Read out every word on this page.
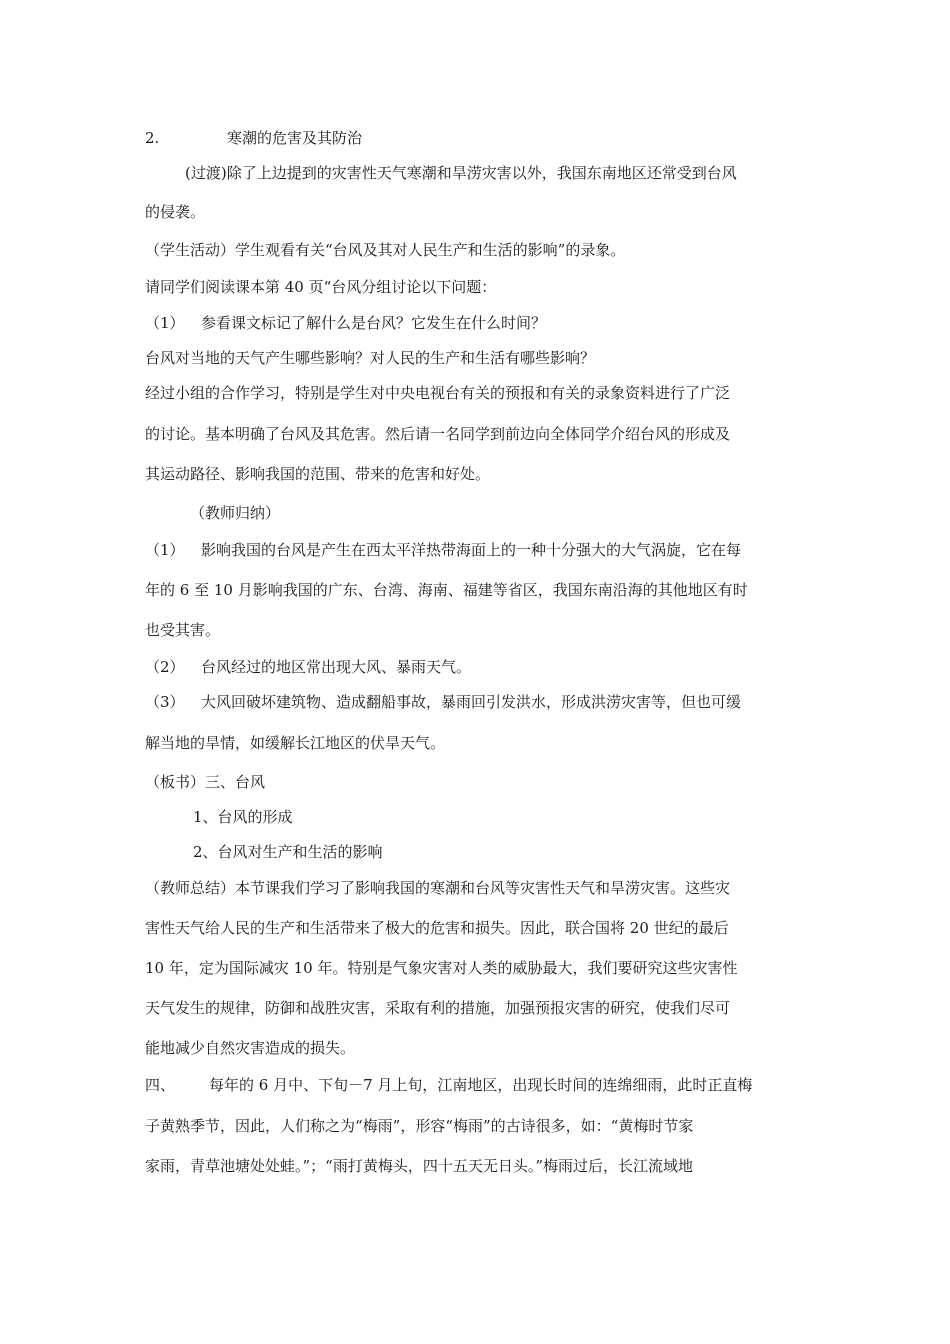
2.	寒潮的危害及其防治
(过渡)除了上边提到的灾害性天气寒潮和旱涝灾害以外，我国东南地区还常受到台风
的侵袭。
（学生活动）学生观看有关“台风及其对人民生产和生活的影响”的录象。
请同学们阅读课本第 40 页“台风分组讨论以下问题：
（1） 参看课文标记了解什么是台风？它发生在什么时间？
台风对当地的天气产生哪些影响？对人民的生产和生活有哪些影响？
经过小组的合作学习，特别是学生对中央电视台有关的预报和有关的录象资料进行了广泛
的讨论。基本明确了台风及其危害。然后请一名同学到前边向全体同学介绍台风的形成及
其运动路径、影响我国的范围、带来的危害和好处。
（教师归纳）
（1） 影响我国的台风是产生在西太平洋热带海面上的一种十分强大的大气涡旋，它在每
年的 6 至 10 月影响我国的广东、台湾、海南、福建等省区，我国东南沿海的其他地区有时
也受其害。
（2） 台风经过的地区常出现大风、暴雨天气。
（3） 大风回破坏建筑物、造成翻船事故，暴雨回引发洪水，形成洪涝灾害等，但也可缓
解当地的旱情，如缓解长江地区的伏旱天气。
（板书）三、台风
1、台风的形成
2、台风对生产和生活的影响
（教师总结）本节课我们学习了影响我国的寒潮和台风等灾害性天气和旱涝灾害。这些灾
害性天气给人民的生产和生活带来了极大的危害和损失。因此，联合国将 20 世纪的最后
10 年，定为国际减灾 10 年。特别是气象灾害对人类的威胁最大，我们要研究这些灾害性
天气发生的规律，防御和战胜灾害，采取有利的措施，加强预报灾害的研究，使我们尽可
能地减少自然灾害造成的损失。
四、 每年的 6 月中、下旬－7 月上旬，江南地区，出现长时间的连绵细雨，此时正直梅
子黄熟季节，因此，人们称之为“梅雨”，形容“梅雨”的古诗很多，如：“黄梅时节家
家雨，青草池塘处处蛙。”；“雨打黄梅头，四十五天无日头。”梅雨过后，长江流域地
